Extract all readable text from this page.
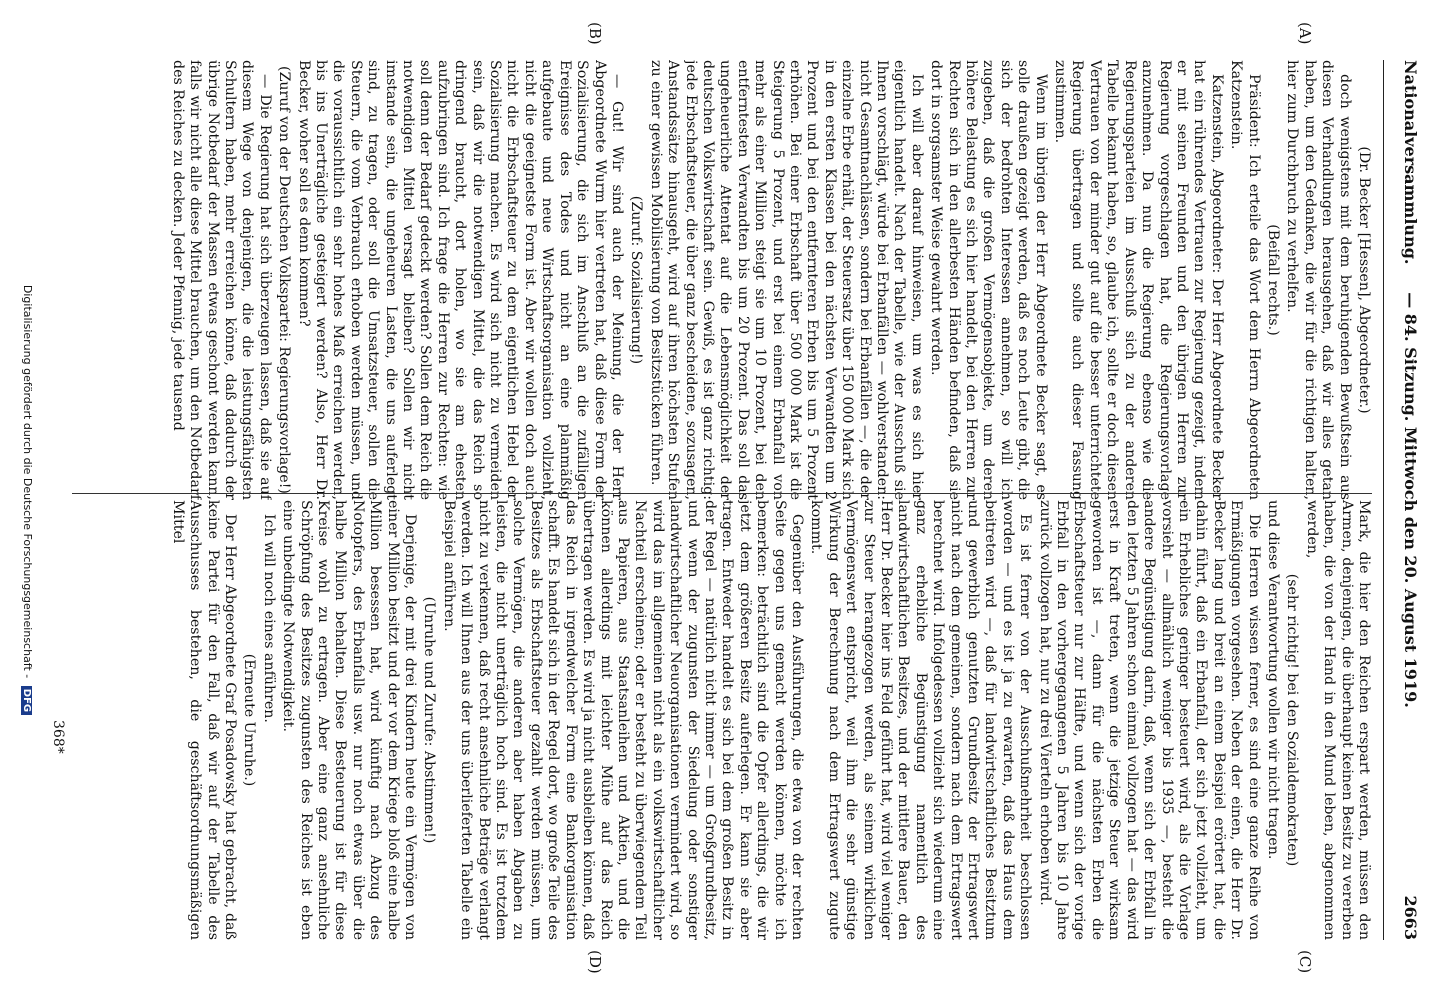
Nationalversammlung.
— 84. Sitzung. Mittwoch den 20. August 1919.
2663
(A)
(B)
(C)
(D)

(Dr. Becker [Hessen], Abgeordneter.)

doch wenigstens mit dem beruhigenden Bewußtsein aus diesen Verhandlungen herausgehen, daß wir alles getan haben, um den Gedanken, die wir für die richtigen halten, hier zum Durchbruch zu verhelfen.

(Beifall rechts.)

Präsident: Ich erteile das Wort dem Herrn Abgeordneten Katzenstein.

Katzenstein, Abgeordneter: Der Herr Abgeordnete Becker hat ein rührendes Vertrauen zur Regierung gezeigt, indem er mit seinen Freunden und den übrigen Herren zur Regierung vorgeschlagen hat, die Regierungsvorlage anzunehmen. Da nun die Regierung ebenso wie die Regierungsparteien im Ausschuß sich zu der anderen Tabelle bekannt haben, so, glaube ich, sollte er doch diesen Vertrauen von der minder gut auf die besser unterrichtete Regierung übertragen und sollte auch dieser Fassung zustimmen.

Wenn im übrigen der Herr Abgeordnete Becker sagt, es solle draußen gezeigt werden, daß es noch Leute gibt, die sich der bedrohten Interessen annehmen, so will ich zugeben, daß die großen Vermögensobjekte, um deren höhere Belastung es sich hier handelt, bei den Herren zur Rechten sich in den allerbesten Händen befinden, daß sie dort in sorgsamster Weise gewahrt werden.

Ich will aber darauf hinweisen, um was es sich hier eigentlich handelt. Nach der Tabelle, wie der Ausschuß sie Ihnen vorschlägt, würde bei Erbanfällen — wohlverstanden: nicht Gesamtnachlässen, sondern bei Erbanfällen —, die der einzelne Erbe erhält, der Steuersatz über 150 000 Mark sich in den ersten Klassen bei den nächsten Verwandten um 2 Prozent und bei den entfernteren Erben bis um 5 Prozent erhöhen. Bei einer Erbschaft über 500 000 Mark ist die Steigerung 5 Prozent, und erst bei einem Erbanfall von mehr als einer Million steigt sie um 10 Prozent, bei den entferntesten Verwandten bis um 20 Prozent. Das soll das ungeheuerliche Attentat auf die Lebensmöglichkeit der deutschen Volkswirtschaft sein. Gewiß, es ist ganz richtig: jede Erbschaftsteuer, die über ganz bescheidene, sozusagen, Anstandssätze hinausgeht, wird auf ihren höchsten Stufen zu einer gewissen Mobilisierung von Besitzstücken führen.

(Zuruf: Sozialisierung!)

— Gut! Wir sind auch der Meinung, die der Herr Abgeordnete Wurm hier vertreten hat, daß diese Form der Sozialisierung, die sich im Anschluß an die zufälligen Ereignisse des Todes und nicht an eine planmäßig aufgebaute und neue Wirtschaftsorganisation vollzieht, nicht die geeignetste Form ist. Aber wir wollen doch auch nicht die Erbschaftsteuer zu dem eigentlichen Hebel der Sozialisierung machen. Es wird sich nicht zu vermeiden sein, daß wir die notwendigen Mittel, die das Reich so dringend braucht, dort holen, wo sie am ehesten aufzubringen sind. Ich frage die Herren zur Rechten: wie soll denn der Bedarf gedeckt werden? Sollen dem Reich die notwendigen Mittel versagt bleiben? Sollen wir nicht imstande sein, die ungeheuren Lasten, die uns auferlegt sind, zu tragen, oder soll die Umsatzsteuer, sollen die Steuern, die vom Verbrauch erhoben werden müssen, und die voraussichtlich ein sehr hohes Maß erreichen werden, bis ins Unerträgliche gesteigert werden? Also, Herr Dr. Becker, woher soll es denn kommen?

(Zuruf von der Deutschen Volkspartei: Regierungsvorlage!)

— Die Regierung hat sich überzeugen lassen, daß sie auf diesem Wege von denjenigen, die die leistungsfähigsten Schultern haben, mehr erreichen könne, daß dadurch der übrige Notbedarf der Massen etwas geschont werden kann, falls wir nicht alle diese Mittel brauchen, um den Notbedarf des Reiches zu decken. Jeder Pfennig, jede tausend

Mark, die hier den Reichen erspart werden, müssen den Armen, denjenigen, die überhaupt keinen Besitz zu vererben haben, die von der Hand in den Mund leben, abgenommen werden,

(sehr richtig! bei den Sozialdemokraten)

und diese Verantwortung wollen wir nicht tragen.

Die Herren wissen ferner, es sind eine ganze Reihe von Ermäßigungen vorgesehen. Neben der einen, die Herr Dr. Becker lang und breit an einem Beispiel erörtert hat, die dahin führt, daß ein Erbanfall, der sich jetzt vollzieht, um ein Erhebliches geringer besteuert wird, als die Vorlage vorsieht — allmählich weniger bis 1935 —, besteht die andere Begünstigung darin, daß, wenn sich der Erbfall in den letzten 5 Jahren schon einmal vollzogen hat — das wird erst in Kraft treten, wenn die jetzige Steuer wirksam geworden ist —, dann für die nächsten Erben die Erbschaftsteuer nur zur Hälfte, und wenn sich der vorige Erbfall in den vorhergegangenen 5 Jahren bis 10 Jahre zurück vollzogen hat, nur zu drei Vierteln erhoben wird.

Es ist ferner von der Ausschußmehrheit beschlossen worden — und es ist ja zu erwarten, daß das Haus dem beitreten wird —, daß für landwirtschaftliches Besitztum und gewerblich genutzten Grundbesitz der Ertragswert nicht nach dem gemeinen, sondern nach dem Ertragswert berechnet wird. Infolgedessen vollzieht sich wiederum eine ganz erhebliche Begünstigung namentlich des landwirtschaftlichen Besitzes, und der mittlere Bauer, den Herr Dr. Becker hier ins Feld geführt hat, wird viel weniger zur Steuer herangezogen werden, als seinem wirklichen Vermögenswert entspricht, weil ihm die sehr günstige Wirkung der Berechnung nach dem Ertragswert zugute kommt.

Gegenüber den Ausführungen, die etwa von der rechten Seite gegen uns gemacht werden können, möchte ich bemerken: beträchtlich sind die Opfer allerdings, die wir jetzt dem größeren Besitz auferlegen. Er kann sie aber tragen. Entweder handelt es sich bei dem großen Besitz in der Regel — natürlich nicht immer — um Großgrundbesitz, und wenn der zugunsten der Siedelung oder sonstiger landwirtschaftlicher Neuorganisationen vermindert wird, so wird das im allgemeinen nicht als ein volkswirtschaftlicher Nachteil erscheinen; oder er besteht zu überwiegendem Teil aus Papieren, aus Staatsanleihen und Aktien, und die können allerdings mit leichter Mühe auf das Reich übertragen werden. Es wird ja nicht ausbleiben können, daß das Reich in irgendwelcher Form eine Bankorganisation schafft. Es handelt sich in der Regel dort, wo große Teile des Besitzes als Erbschaftsteuer gezahlt werden müssen, um solche Vermögen, die anderen aber haben Abgaben zu leisten, die nicht unerträglich hoch sind. Es ist trotzdem nicht zu verkennen, daß recht ansehnliche Beträge verlangt werden. Ich will Ihnen aus der uns überlieferten Tabelle ein Beispiel anführen.

(Unruhe und Zurufe: Abstimmen!)

Derjenige, der mit drei Kindern heute ein Vermögen von einer Million besitzt und der vor dem Kriege bloß eine halbe Million besessen hat, wird künftig nach Abzug des Notopfers, des Erbanfalls usw. nur noch etwas über die halbe Million behalten. Diese Besteuerung ist für diese Kreise wohl zu ertragen. Aber eine ganz ansehnliche Schröpfung des Besitzes zugunsten des Reiches ist eben eine unbedingte Notwendigkeit.

Ich will noch eines anführen.

(Erneute Unruhe.)

Der Herr Abgeordnete Graf Posadowsky hat gebracht, daß keine Partei für den Fall, daß wir auf der Tabelle des Ausschusses bestehen, die geschäftsordnungsmäßigen Mittel

368*
Digitalisierung gefördert durch die Deutsche Forschungsgemeinschaft - DFG
